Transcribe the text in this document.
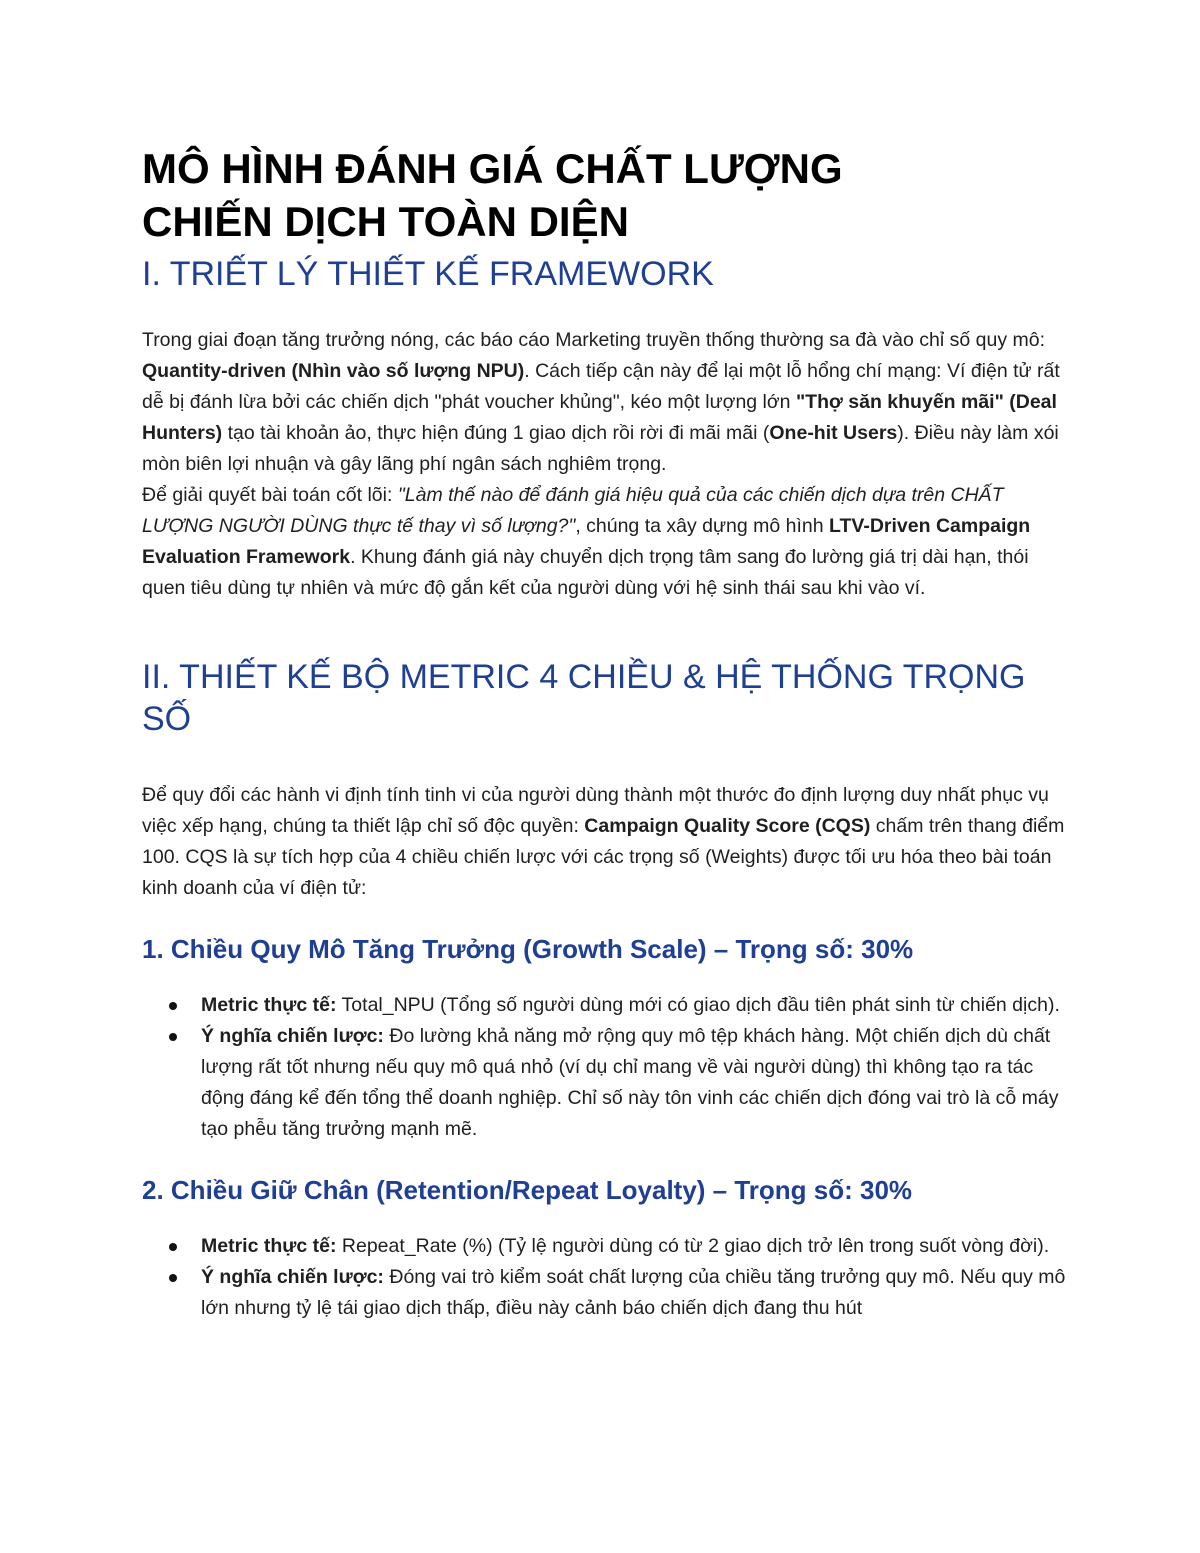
MÔ HÌNH ĐÁNH GIÁ CHẤT LƯỢNG
CHIẾN DỊCH TOÀN DIỆN
I. TRIẾT LÝ THIẾT KẾ FRAMEWORK

Trong giai đoạn tăng trưởng nóng, các báo cáo Marketing truyền thống thường sa đà vào chỉ số quy mô: Quantity-driven (Nhìn vào số lượng NPU). Cách tiếp cận này để lại một lỗ hổng chí mạng: Ví điện tử rất dễ bị đánh lừa bởi các chiến dịch "phát voucher khủng", kéo một lượng lớn "Thợ săn khuyến mãi" (Deal Hunters) tạo tài khoản ảo, thực hiện đúng 1 giao dịch rồi rời đi mãi mãi (One-hit Users). Điều này làm xói mòn biên lợi nhuận và gây lãng phí ngân sách nghiêm trọng.

Để giải quyết bài toán cốt lõi: "Làm thế nào để đánh giá hiệu quả của các chiến dịch dựa trên CHẤT LƯỢNG NGƯỜI DÙNG thực tế thay vì số lượng?", chúng ta xây dựng mô hình LTV-Driven Campaign Evaluation Framework. Khung đánh giá này chuyển dịch trọng tâm sang đo lường giá trị dài hạn, thói quen tiêu dùng tự nhiên và mức độ gắn kết của người dùng với hệ sinh thái sau khi vào ví.

II. THIẾT KẾ BỘ METRIC 4 CHIỀU & HỆ THỐNG TRỌNG SỐ

Để quy đổi các hành vi định tính tinh vi của người dùng thành một thước đo định lượng duy nhất phục vụ việc xếp hạng, chúng ta thiết lập chỉ số độc quyền: Campaign Quality Score (CQS) chấm trên thang điểm 100. CQS là sự tích hợp của 4 chiều chiến lược với các trọng số (Weights) được tối ưu hóa theo bài toán kinh doanh của ví điện tử:

1. Chiều Quy Mô Tăng Trưởng (Growth Scale) – Trọng số: 30%
Metric thực tế: Total_NPU (Tổng số người dùng mới có giao dịch đầu tiên phát sinh từ chiến dịch).
Ý nghĩa chiến lược: Đo lường khả năng mở rộng quy mô tệp khách hàng. Một chiến dịch dù chất lượng rất tốt nhưng nếu quy mô quá nhỏ (ví dụ chỉ mang về vài người dùng) thì không tạo ra tác động đáng kể đến tổng thể doanh nghiệp. Chỉ số này tôn vinh các chiến dịch đóng vai trò là cỗ máy tạo phễu tăng trưởng mạnh mẽ.
2. Chiều Giữ Chân (Retention/Repeat Loyalty) – Trọng số: 30%
Metric thực tế: Repeat_Rate (%) (Tỷ lệ người dùng có từ 2 giao dịch trở lên trong suốt vòng đời).
Ý nghĩa chiến lược: Đóng vai trò kiểm soát chất lượng của chiều tăng trưởng quy mô. Nếu quy mô lớn nhưng tỷ lệ tái giao dịch thấp, điều này cảnh báo chiến dịch đang thu hút
